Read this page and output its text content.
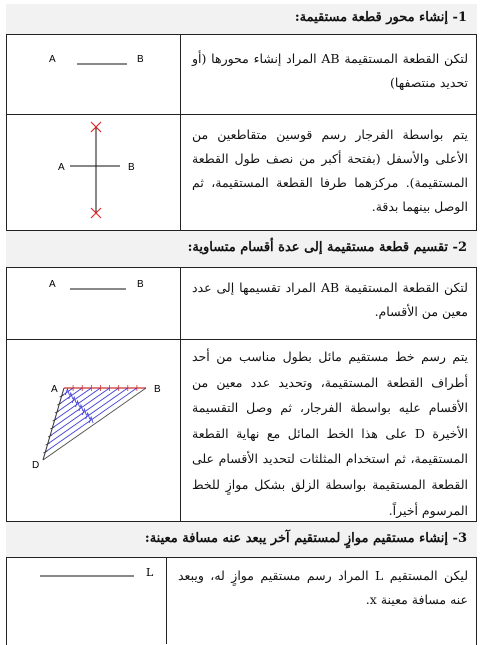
1- إنشاء محور قطعة مستقيمة:
لتكن القطعة المستقيمة AB المراد إنشاء محورها (أو تحديد منتصفها)
A	B
يتم بواسطة الفرجار رسم قوسين متقاطعين من الأعلى والأسفل (بفتحة أكبر من نصف طول القطعة المستقيمة). مركزهما طرفا القطعة المستقيمة، ثم الوصل بينهما بدقة.
A	B
2- تقسيم قطعة مستقيمة إلى عدة أقسام متساوية:
لتكن القطعة المستقيمة AB المراد تقسيمها إلى عدد معين من الأقسام.
A	B
يتم رسم خط مستقيم مائل بطول مناسب من أحد أطراف القطعة المستقيمة، وتحديد عدد معين من الأقسام عليه بواسطة الفرجار، ثم وصل التقسيمة الأخيرة D على هذا الخط المائل مع نهاية القطعة المستقيمة، ثم استخدام المثلثات لتحديد الأقسام على القطعة المستقيمة بواسطة الزلق بشكل موازٍ للخط المرسوم أخيراً.
A	B
D
3- إنشاء مستقيم موازٍ لمستقيم آخر يبعد عنه مسافة معينة:
ليكن المستقيم L المراد رسم مستقيم موازٍ له، ويبعد عنه مسافة معينة x.
L
